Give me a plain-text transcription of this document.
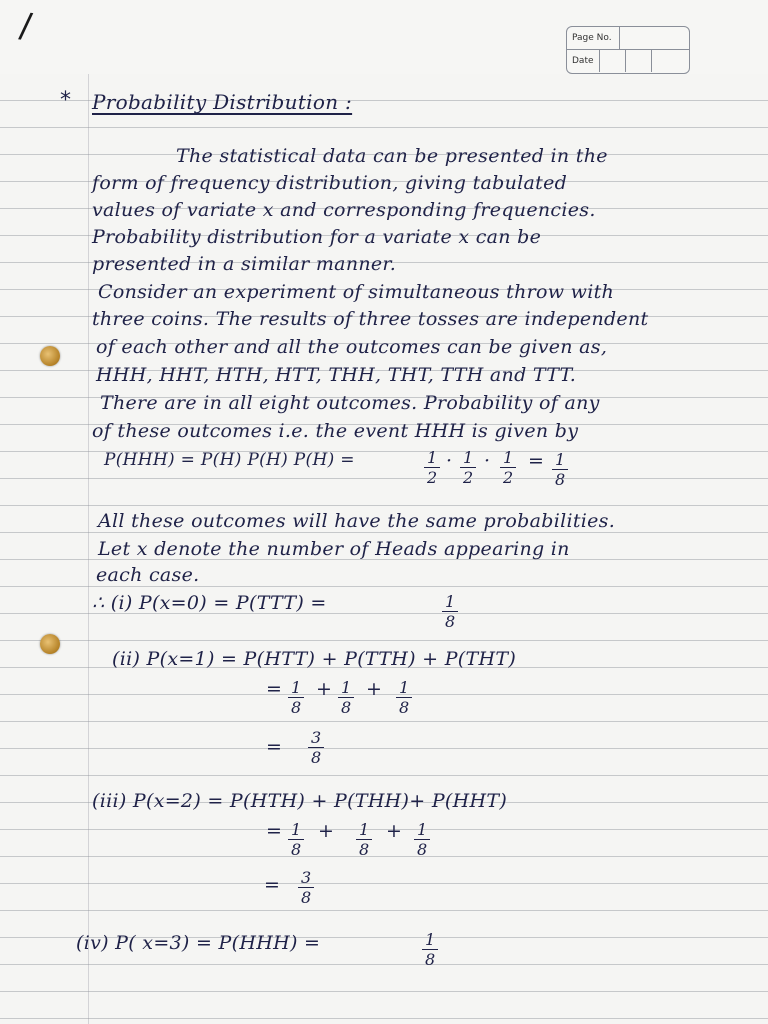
/	Page No.
Date
* Probability Distribution :
The statistical data can be presented in the
form of frequency distribution, giving tabulated
values of variate x and corresponding frequencies.
Probability distribution for a variate x can be
presented in a similar manner.
Consider an experiment of simultaneous throw with
three coins. The results of three tosses are independent
of each other and all the outcomes can be given as,
HHH, HHT, HTH, HTT, THH, THT, TTH and TTT.
There are in all eight outcomes. Probability of any
of these outcomes i.e. the event HHH is given by
P(HHH) = P(H) P(H) P(H) =	$\frac{1}{2} \cdot \frac{1}{2} \cdot \frac{1}{2} = \frac{1}{8}$
All these outcomes will have the same probabilities.
Let x denote the number of Heads appearing in
each case.
∴ (i) P(x=0) = P(TTT) =	$\frac{1}{8}$
(ii) P(x=1) = P(HTT) + P(TTH) + P(THT)
= $\frac{1}{8} + \frac{1}{8} + \frac{1}{8}$
= $\frac{3}{8}$
(iii) P(x=2) = P(HTH) + P(THH)+ P(HHT)
= $\frac{1}{8} + \frac{1}{8} + \frac{1}{8}$
= $\frac{3}{8}$
(iv) P( x=3) = P(HHH) =	$\frac{1}{8}$
